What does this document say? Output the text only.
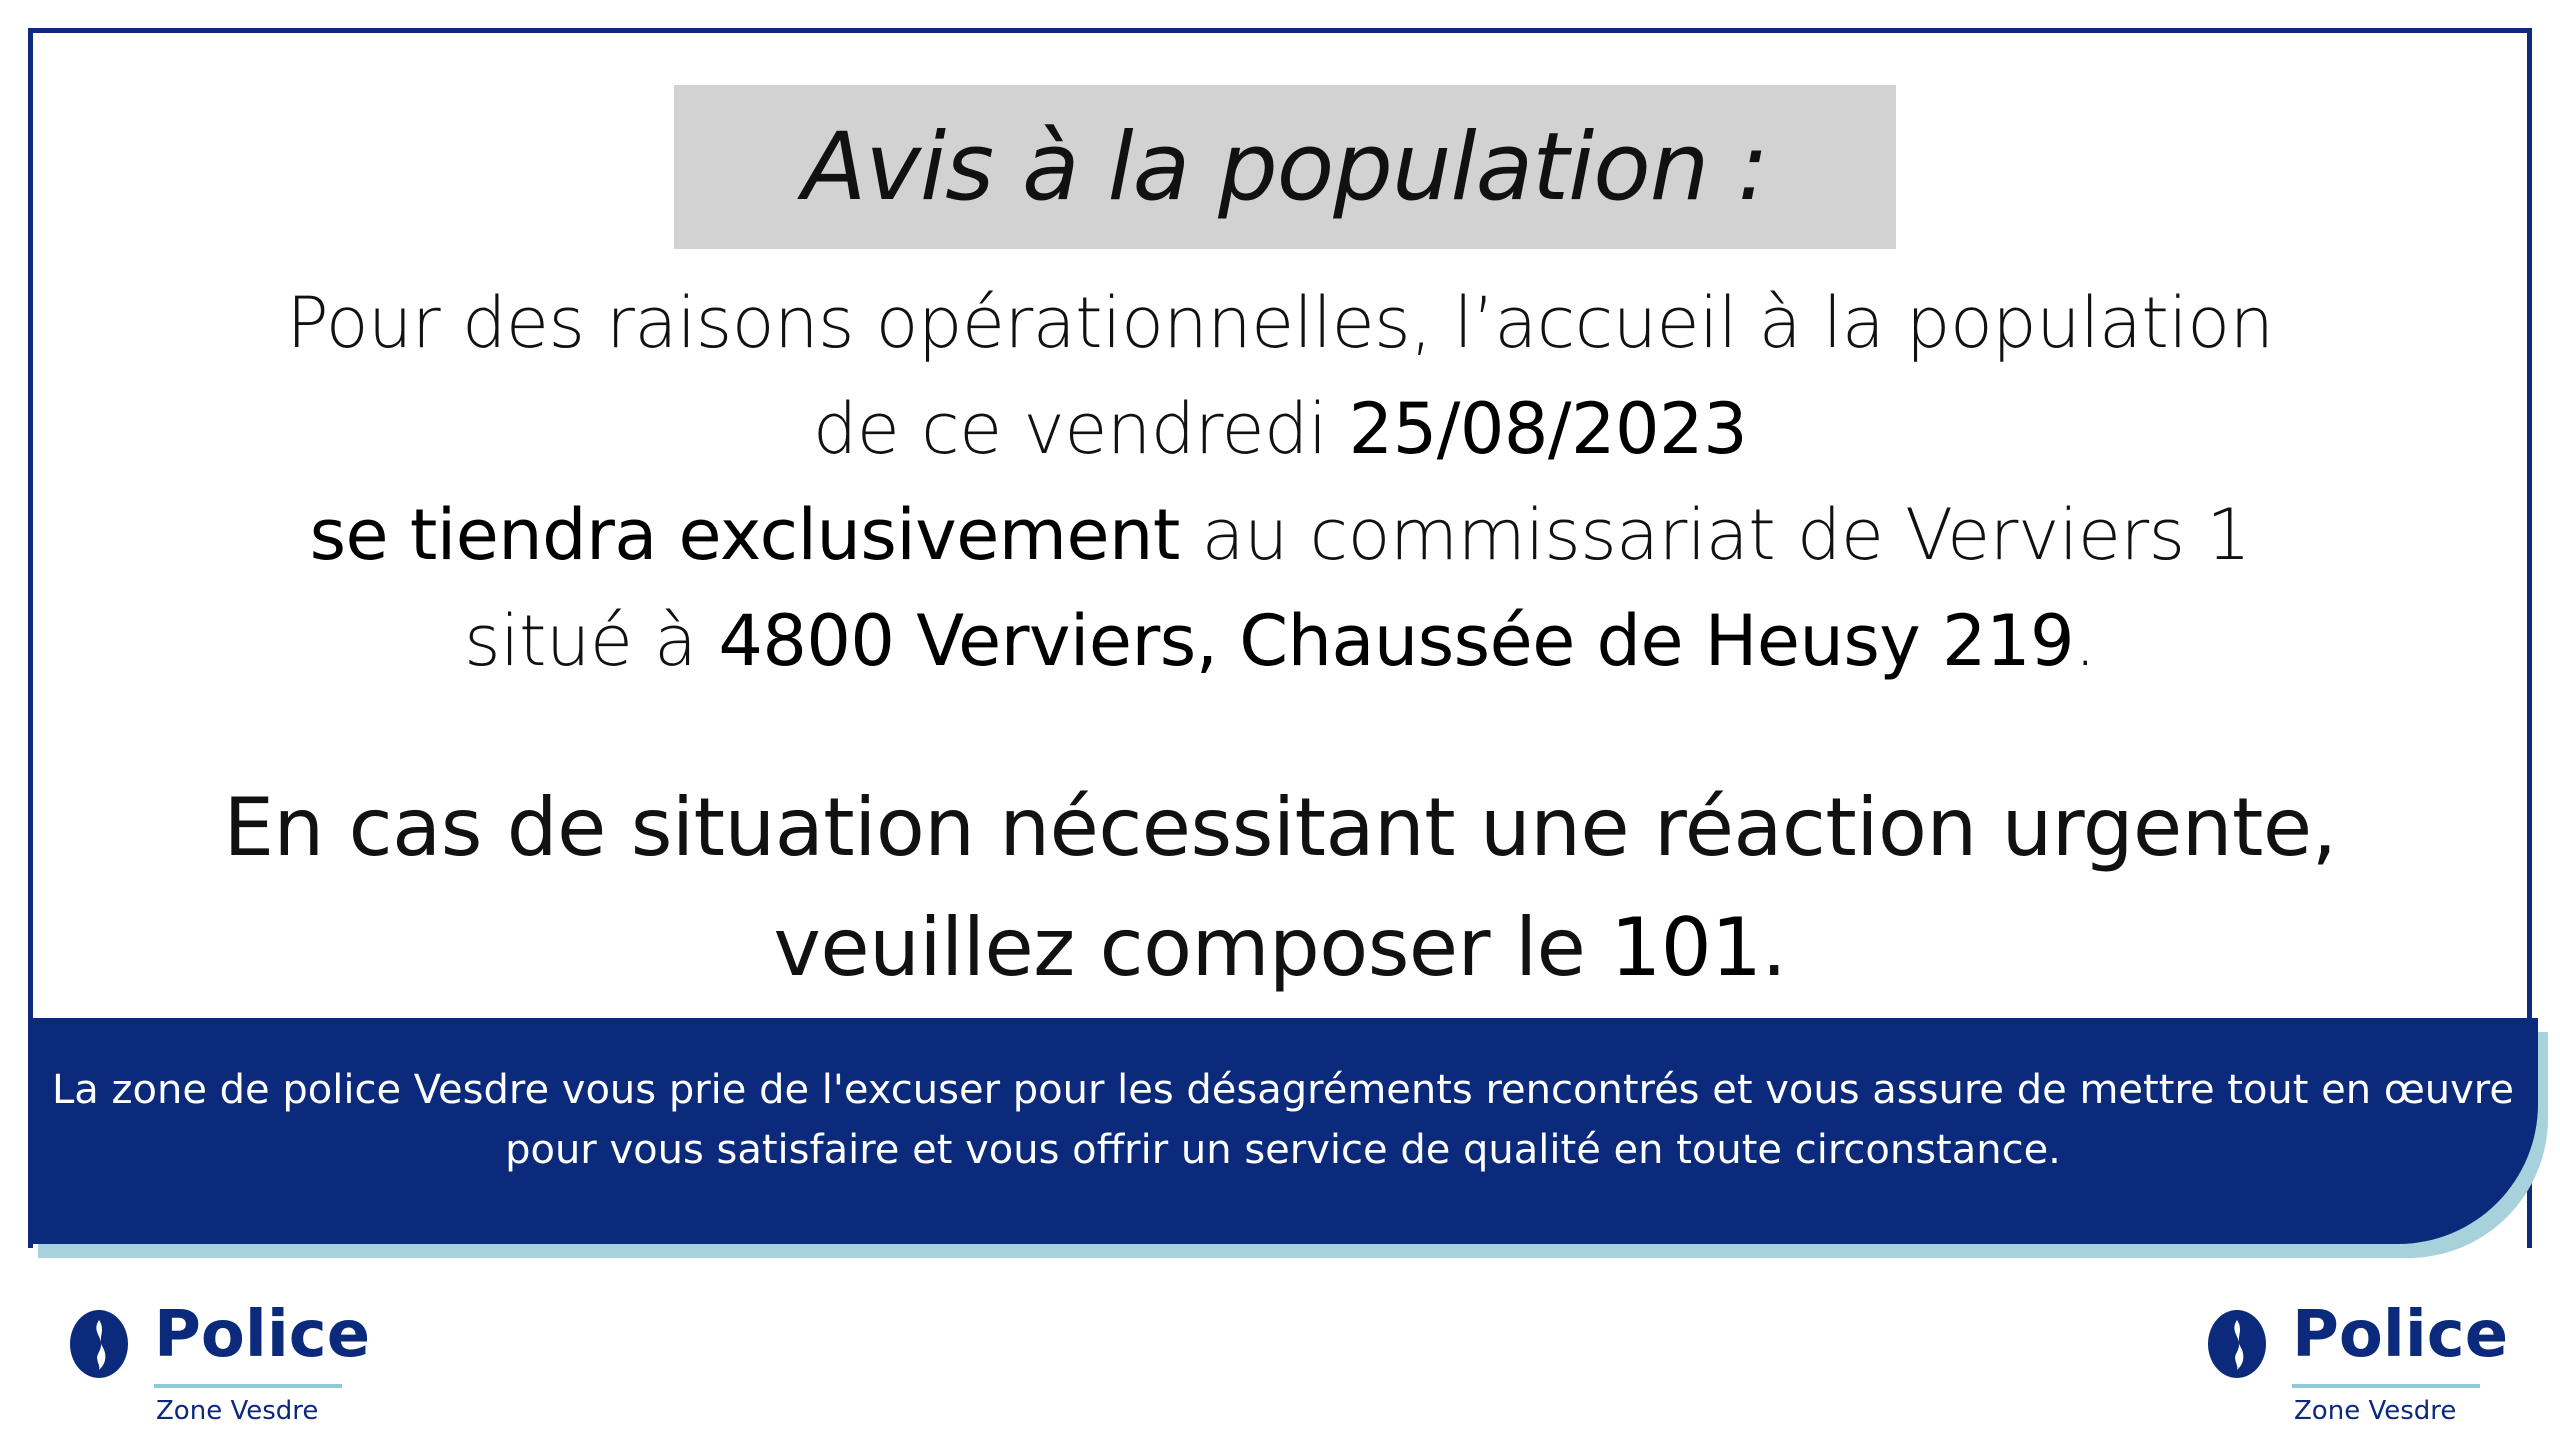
Avis à la population :
Pour des raisons opérationnelles, l’accueil à la population
de ce vendredi 25/08/2023
se tiendra exclusivement au commissariat de Verviers 1
situé à 4800 Verviers, Chaussée de Heusy 219.
En cas de situation nécessitant une réaction urgente,
veuillez composer le 101.
La zone de police Vesdre vous prie de l'excuser pour les désagréments rencontrés et vous assure de mettre tout en œuvre
pour vous satisfaire et vous offrir un service de qualité en toute circonstance.
Police
Zone Vesdre
Police
Zone Vesdre
